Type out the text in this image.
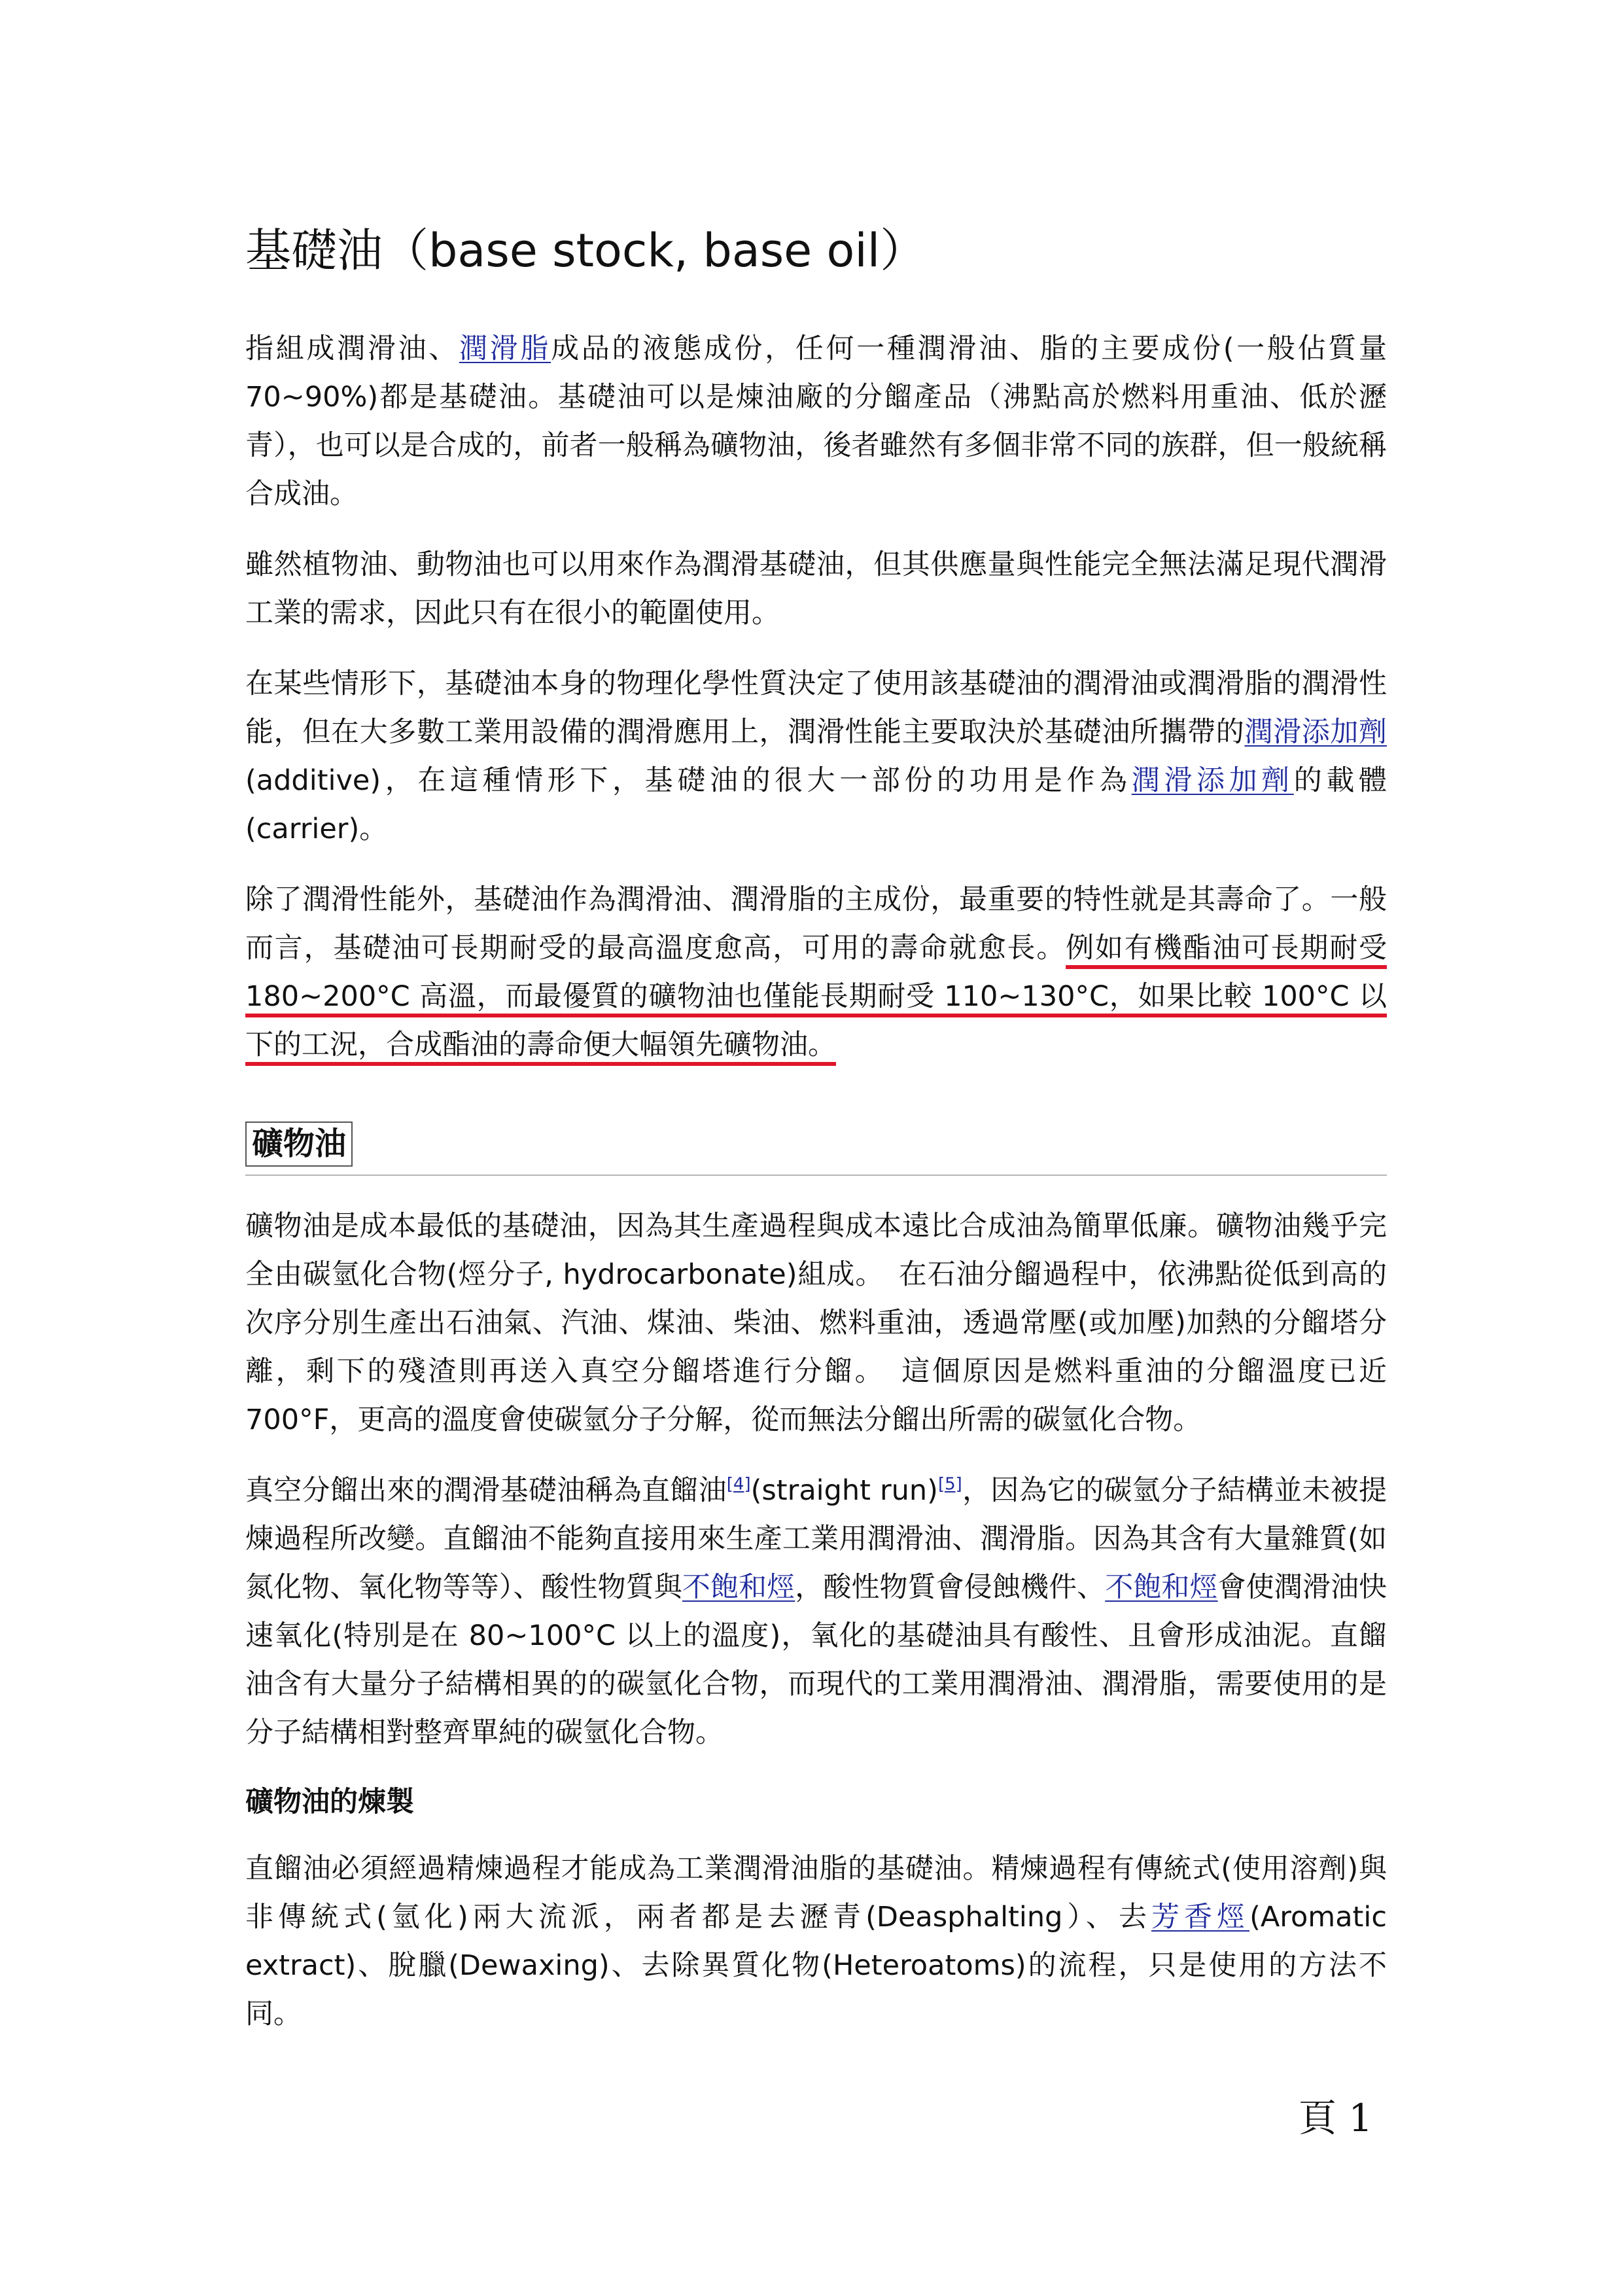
基礎油（base stock, base oil）

指組成潤滑油、潤滑脂成品的液態成份，任何一種潤滑油、脂的主要成份(一般佔質量70~90%)都是基礎油。基礎油可以是煉油廠的分餾產品（沸點高於燃料用重油、低於瀝青），也可以是合成的，前者一般稱為礦物油，後者雖然有多個非常不同的族群，但一般統稱合成油。

雖然植物油、動物油也可以用來作為潤滑基礎油，但其供應量與性能完全無法滿足現代潤滑工業的需求，因此只有在很小的範圍使用。

在某些情形下，基礎油本身的物理化學性質決定了使用該基礎油的潤滑油或潤滑脂的潤滑性能，但在大多數工業用設備的潤滑應用上，潤滑性能主要取決於基礎油所攜帶的潤滑添加劑(additive)，在這種情形下，基礎油的很大一部份的功用是作為潤滑添加劑的載體(carrier)。

除了潤滑性能外，基礎油作為潤滑油、潤滑脂的主成份，最重要的特性就是其壽命了。一般而言，基礎油可長期耐受的最高溫度愈高，可用的壽命就愈長。例如有機酯油可長期耐受 180~200°C 高溫，而最優質的礦物油也僅能長期耐受 110~130°C，如果比較 100°C 以下的工況，合成酯油的壽命便大幅領先礦物油。

礦物油

礦物油是成本最低的基礎油，因為其生產過程與成本遠比合成油為簡單低廉。礦物油幾乎完全由碳氫化合物(烴分子, hydrocarbonate)組成。　在石油分餾過程中，依沸點從低到高的次序分別生產出石油氣、汽油、煤油、柴油、燃料重油，透過常壓(或加壓)加熱的分餾塔分離，剩下的殘渣則再送入真空分餾塔進行分餾。　這個原因是燃料重油的分餾溫度已近 700°F，更高的溫度會使碳氫分子分解，從而無法分餾出所需的碳氫化合物。

真空分餾出來的潤滑基礎油稱為直餾油[4](straight run)[5]，因為它的碳氫分子結構並未被提煉過程所改變。直餾油不能夠直接用來生產工業用潤滑油、潤滑脂。因為其含有大量雜質(如氮化物、氧化物等等）、酸性物質與不飽和烴，酸性物質會侵蝕機件、不飽和烴會使潤滑油快速氧化(特別是在 80~100°C 以上的溫度)，氧化的基礎油具有酸性、且會形成油泥。直餾油含有大量分子結構相異的的碳氫化合物，而現代的工業用潤滑油、潤滑脂，需要使用的是分子結構相對整齊單純的碳氫化合物。

礦物油的煉製

直餾油必須經過精煉過程才能成為工業潤滑油脂的基礎油。精煉過程有傳統式(使用溶劑)與非傳統式(氫化)兩大流派，兩者都是去瀝青(Deasphalting）、去芳香烴(Aromatic extract)、脫臘(Dewaxing)、去除異質化物(Heteroatoms)的流程，只是使用的方法不同。

頁 1
